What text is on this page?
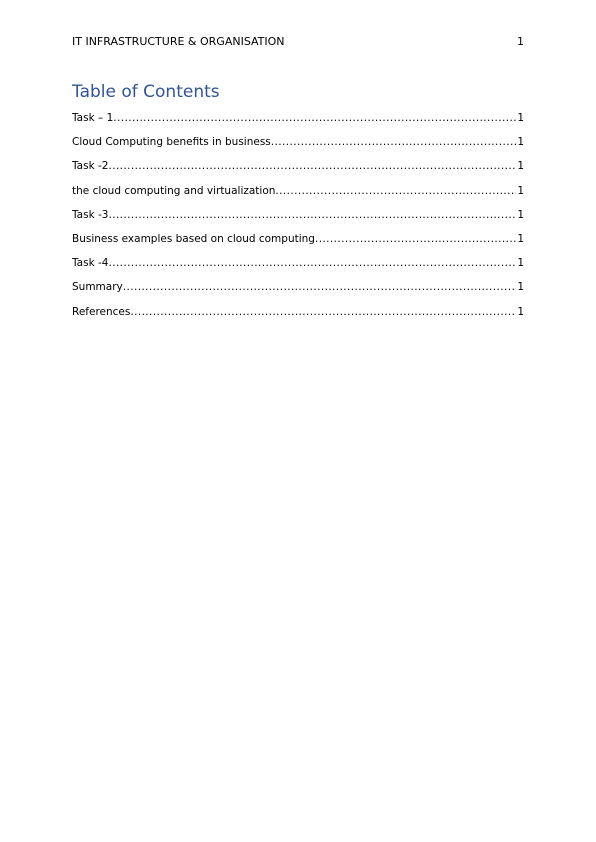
IT INFRASTRUCTURE & ORGANISATION	1
Table of Contents
Task – 1 .....	1
Cloud Computing benefits in business .....	1
Task -2 .....	1
the cloud computing and virtualization .....	1
Task -3 .....	1
Business examples based on cloud computing .....	1
Task -4 .....	1
Summary .....	1
References .....	1
